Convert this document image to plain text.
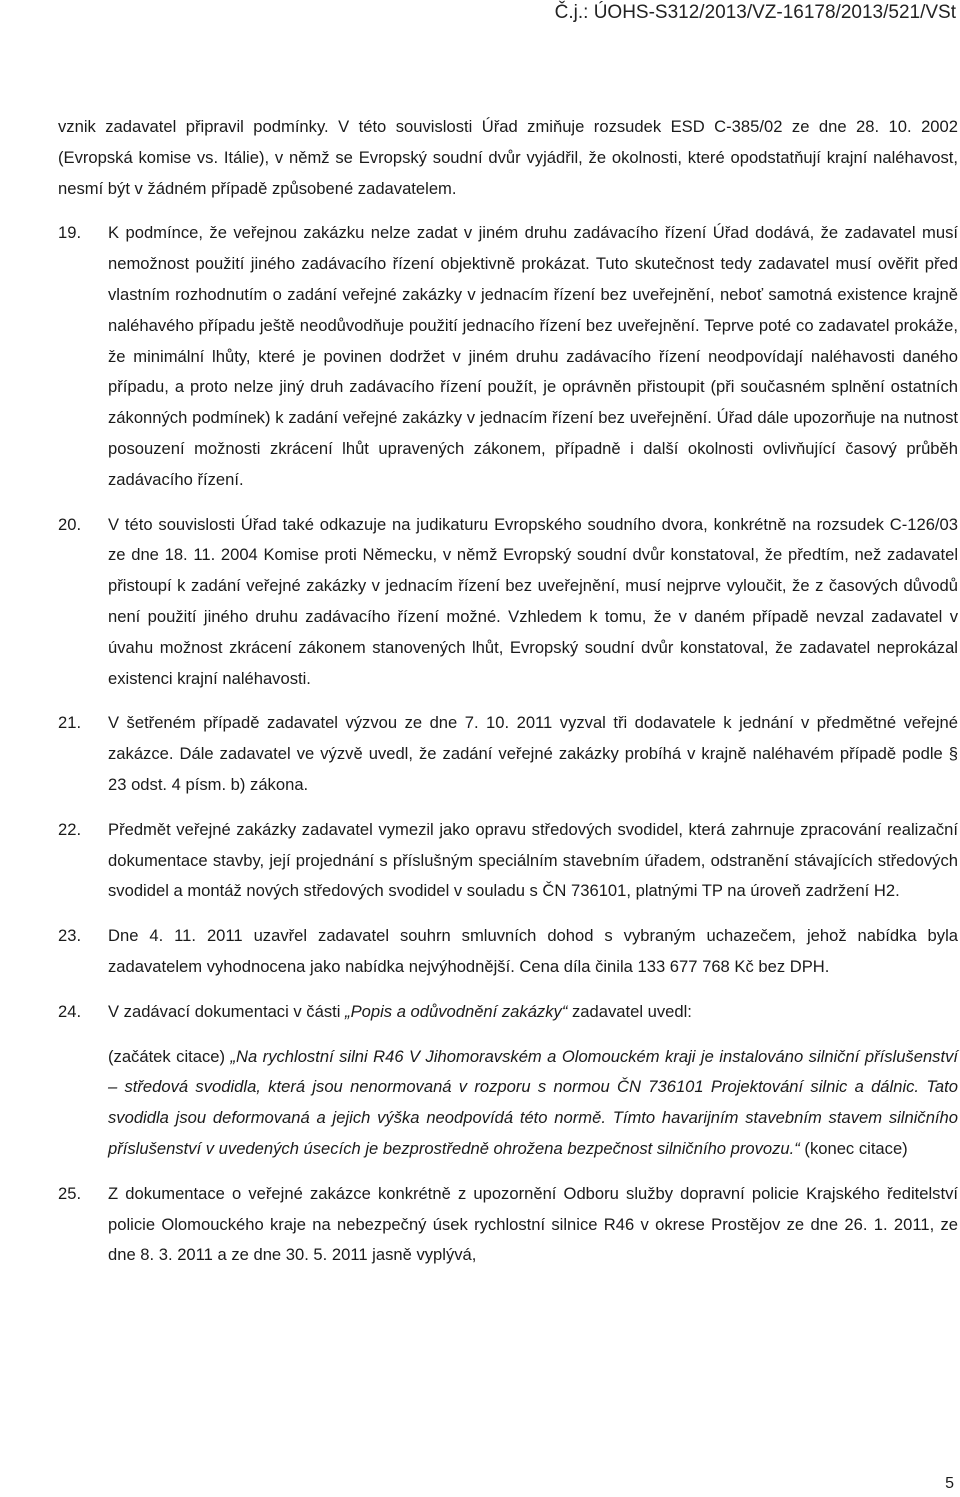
Č.j.: ÚOHS-S312/2013/VZ-16178/2013/521/VSt
vznik zadavatel připravil podmínky. V této souvislosti Úřad zmiňuje rozsudek ESD C-385/02 ze dne 28. 10. 2002 (Evropská komise vs. Itálie), v němž se Evropský soudní dvůr vyjádřil, že okolnosti, které opodstatňují krajní naléhavost, nesmí být v žádném případě způsobené zadavatelem.
19.	K podmínce, že veřejnou zakázku nelze zadat v jiném druhu zadávacího řízení Úřad dodává, že zadavatel musí nemožnost použití jiného zadávacího řízení objektivně prokázat. Tuto skutečnost tedy zadavatel musí ověřit před vlastním rozhodnutím o zadání veřejné zakázky v jednacím řízení bez uveřejnění, neboť samotná existence krajně naléhavého případu ještě neodůvodňuje použití jednacího řízení bez uveřejnění. Teprve poté co zadavatel prokáže, že minimální lhůty, které je povinen dodržet v jiném druhu zadávacího řízení neodpovídají naléhavosti daného případu, a proto nelze jiný druh zadávacího řízení použít, je oprávněn přistoupit (při současném splnění ostatních zákonných podmínek) k zadání veřejné zakázky v jednacím řízení bez uveřejnění. Úřad dále upozorňuje na nutnost posouzení možnosti zkrácení lhůt upravených zákonem, případně i další okolnosti ovlivňující časový průběh zadávacího řízení.
20.	V této souvislosti Úřad také odkazuje na judikaturu Evropského soudního dvora, konkrétně na rozsudek C-126/03 ze dne 18. 11. 2004 Komise proti Německu, v němž Evropský soudní dvůr konstatoval, že předtím, než zadavatel přistoupí k zadání veřejné zakázky v jednacím řízení bez uveřejnění, musí nejprve vyloučit, že z časových důvodů není použití jiného druhu zadávacího řízení možné. Vzhledem k tomu, že v daném případě nevzal zadavatel v úvahu možnost zkrácení zákonem stanovených lhůt, Evropský soudní dvůr konstatoval, že zadavatel neprokázal existenci krajní naléhavosti.
21.	V šetřeném případě zadavatel výzvou ze dne 7. 10. 2011 vyzval tři dodavatele k jednání v předmětné veřejné zakázce. Dále zadavatel ve výzvě uvedl, že zadání veřejné zakázky probíhá v krajně naléhavém případě podle § 23 odst. 4 písm. b) zákona.
22.	Předmět veřejné zakázky zadavatel vymezil jako opravu středových svodidel, která zahrnuje zpracování realizační dokumentace stavby, její projednání s příslušným speciálním stavebním úřadem, odstranění stávajících středových svodidel a montáž nových středových svodidel v souladu s ČN 736101, platnými TP na úroveň zadržení H2.
23.	Dne 4. 11. 2011 uzavřel zadavatel souhrn smluvních dohod s vybraným uchazečem, jehož nabídka byla zadavatelem vyhodnocena jako nabídka nejvýhodnější. Cena díla činila 133 677 768 Kč bez DPH.
24.	V zadávací dokumentaci v části „Popis a odůvodnění zakázky“ zadavatel uvedl:
(začátek citace) „Na rychlostní silni R46 V Jihomoravském a Olomouckém kraji je instalováno silniční příslušenství – středová svodidla, která jsou nenormovaná v rozporu s normou ČN 736101 Projektování silnic a dálnic. Tato svodidla jsou deformovaná a jejich výška neodpovídá této normě. Tímto havarijním stavebním stavem silničního příslušenství v uvedených úsecích je bezprostředně ohrožena bezpečnost silničního provozu.“ (konec citace)
25.	Z dokumentace o veřejné zakázce konkrétně z upozornění Odboru služby dopravní policie Krajského ředitelství policie Olomouckého kraje na nebezpečný úsek rychlostní silnice R46 v okrese Prostějov ze dne 26. 1. 2011, ze dne 8. 3. 2011 a ze dne 30. 5. 2011 jasně vyplývá,
5
